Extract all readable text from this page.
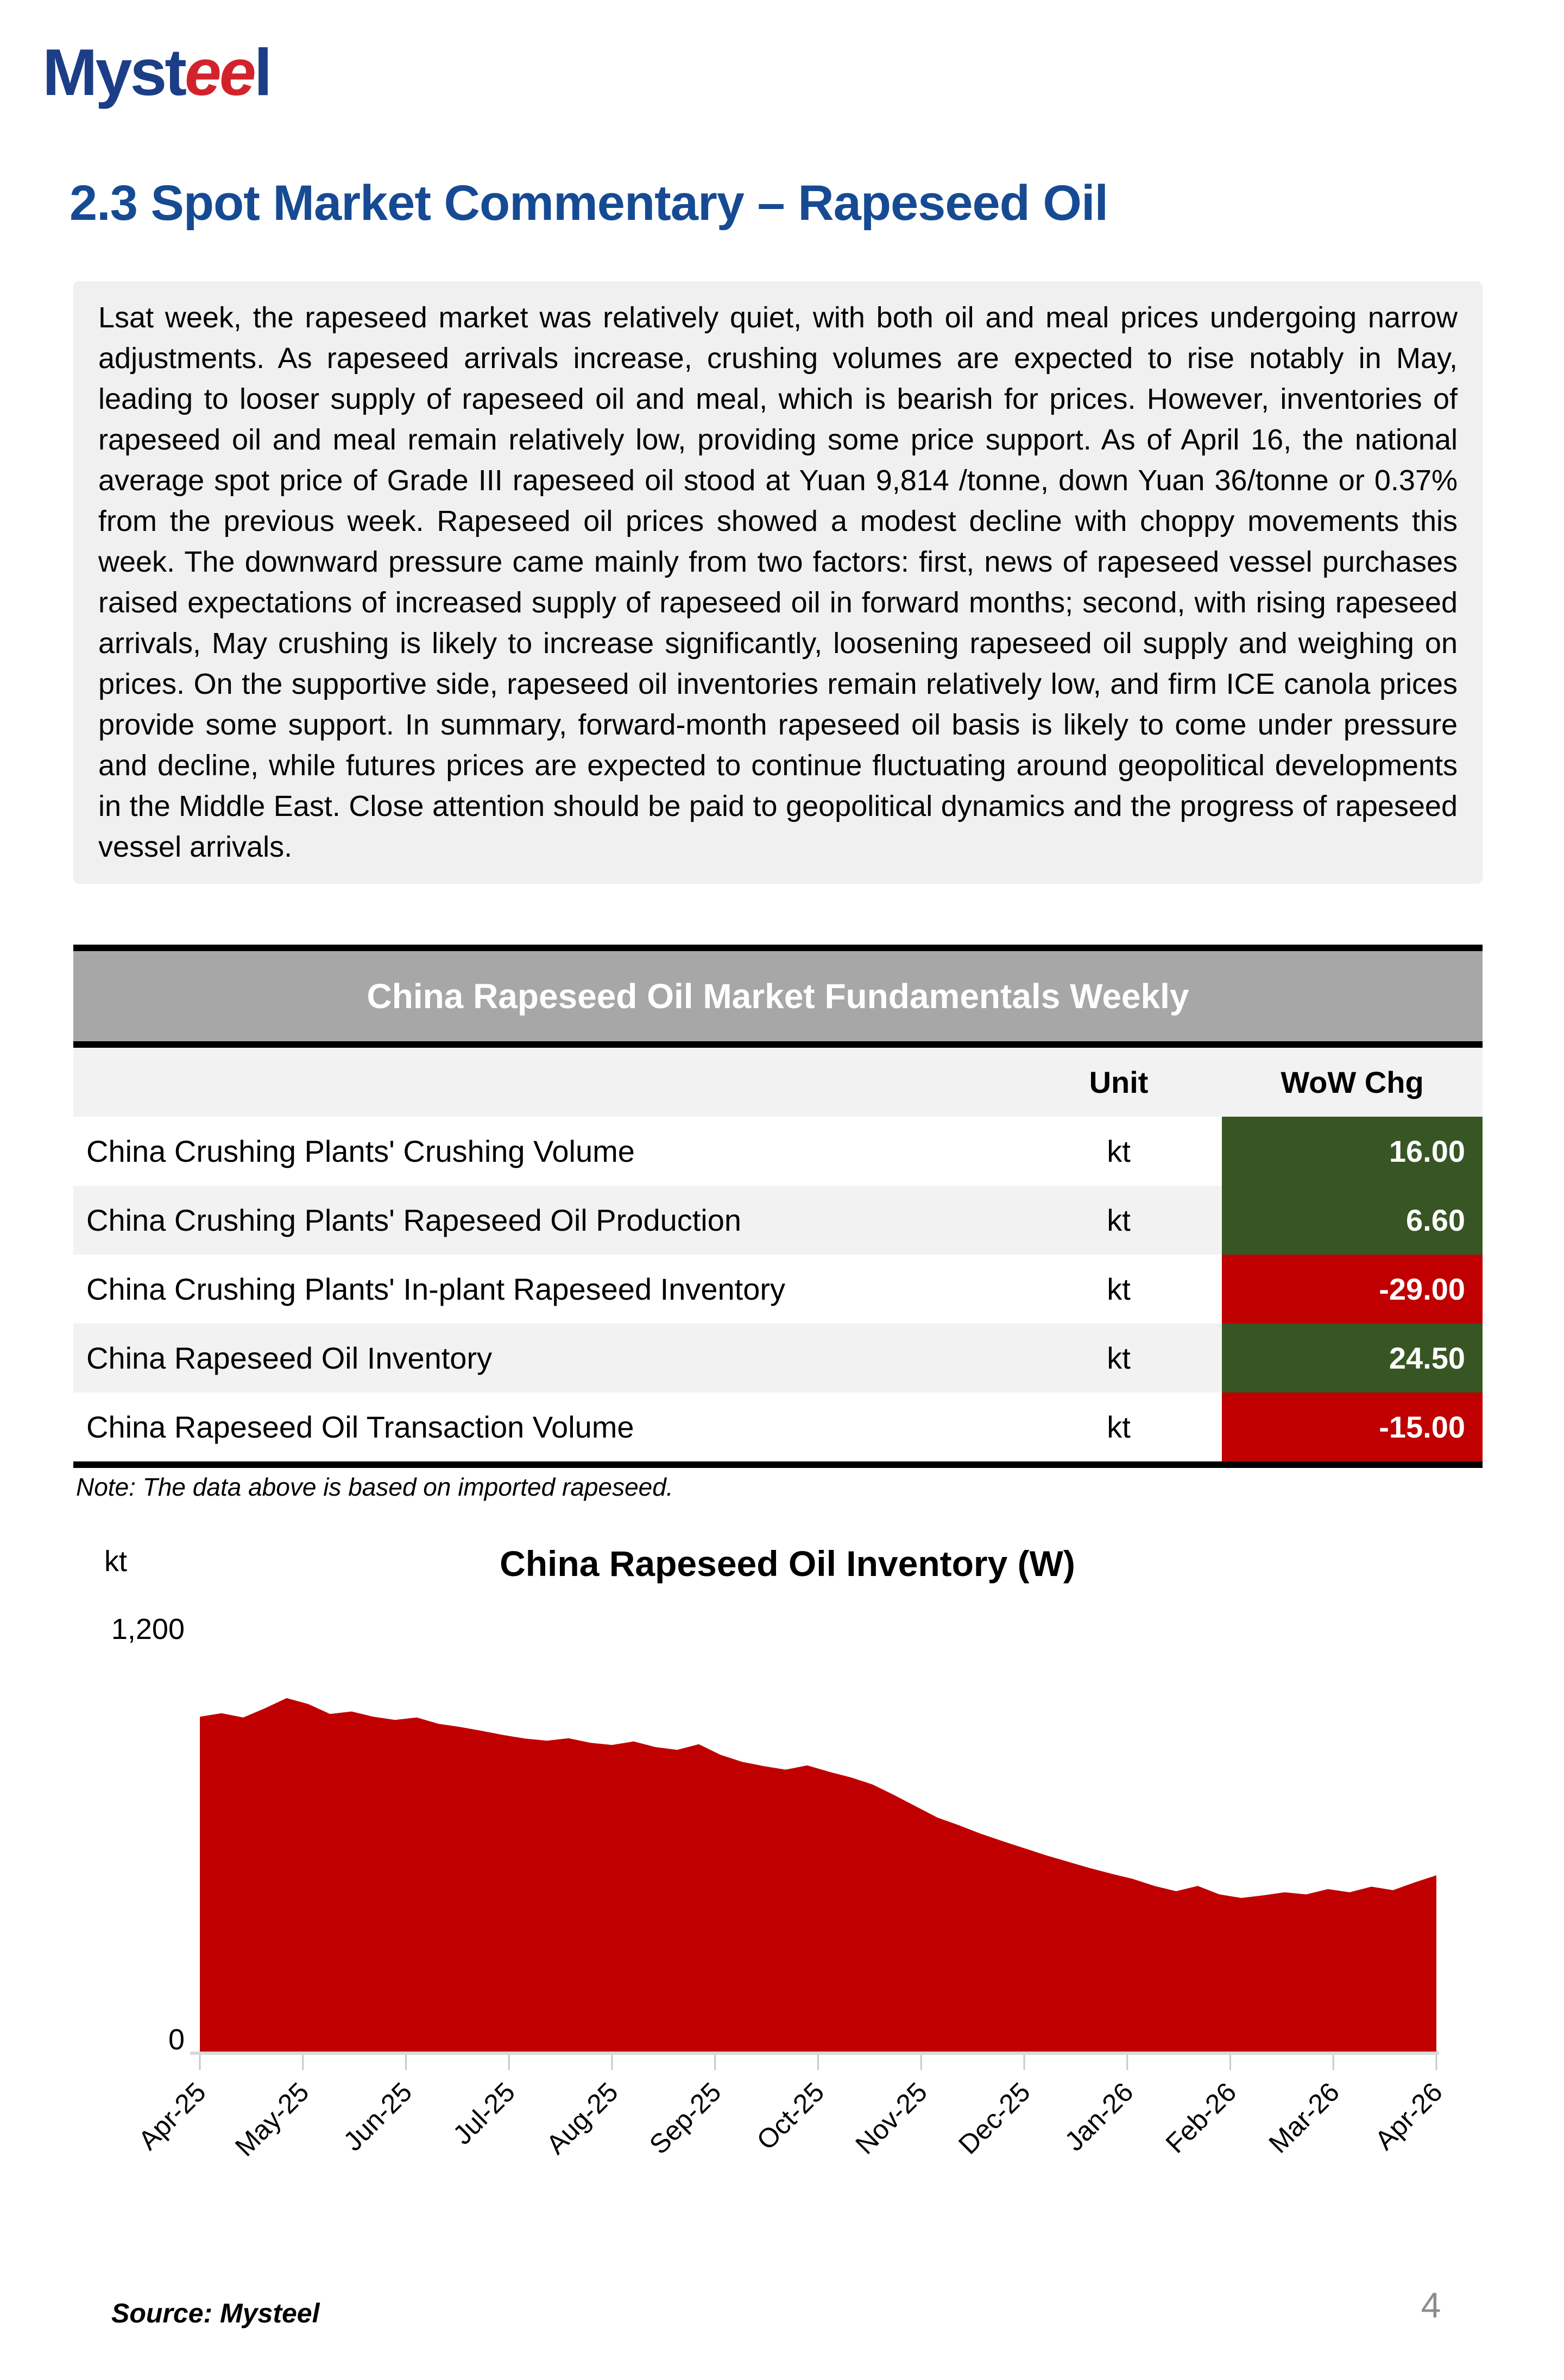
Mysteel
2.3 Spot Market Commentary – Rapeseed Oil
Lsat week, the rapeseed market was relatively quiet, with both oil and meal prices undergoing narrow adjustments. As rapeseed arrivals increase, crushing volumes are expected to rise notably in May, leading to looser supply of rapeseed oil and meal, which is bearish for prices. However, inventories of rapeseed oil and meal remain relatively low, providing some price support. As of April 16, the national average spot price of Grade III rapeseed oil stood at Yuan 9,814 /tonne, down Yuan 36/tonne or 0.37% from the previous week. Rapeseed oil prices showed a modest decline with choppy movements this week. The downward pressure came mainly from two factors: first, news of rapeseed vessel purchases raised expectations of increased supply of rapeseed oil in forward months; second, with rising rapeseed arrivals, May crushing is likely to increase significantly, loosening rapeseed oil supply and weighing on prices. On the supportive side, rapeseed oil inventories remain relatively low, and firm ICE canola prices provide some support. In summary, forward-month rapeseed oil basis is likely to come under pressure and decline, while futures prices are expected to continue fluctuating around geopolitical developments in the Middle East. Close attention should be paid to geopolitical dynamics and the progress of rapeseed vessel arrivals.
China Rapeseed Oil Market Fundamentals Weekly
Unit	WoW Chg
China Crushing Plants' Crushing Volume	kt	16.00
China Crushing Plants' Rapeseed Oil Production	kt	6.60
China Crushing Plants' In-plant Rapeseed Inventory	kt	-29.00
China Rapeseed Oil Inventory	kt	24.50
China Rapeseed Oil Transaction Volume	kt	-15.00
Note: The data above is based on imported rapeseed.
kt	China Rapeseed Oil Inventory (W)
1,200
0
Apr-25 May-25 Jun-25 Jul-25 Aug-25 Sep-25 Oct-25 Nov-25 Dec-25 Jan-26 Feb-26 Mar-26 Apr-26
Source: Mysteel	4
